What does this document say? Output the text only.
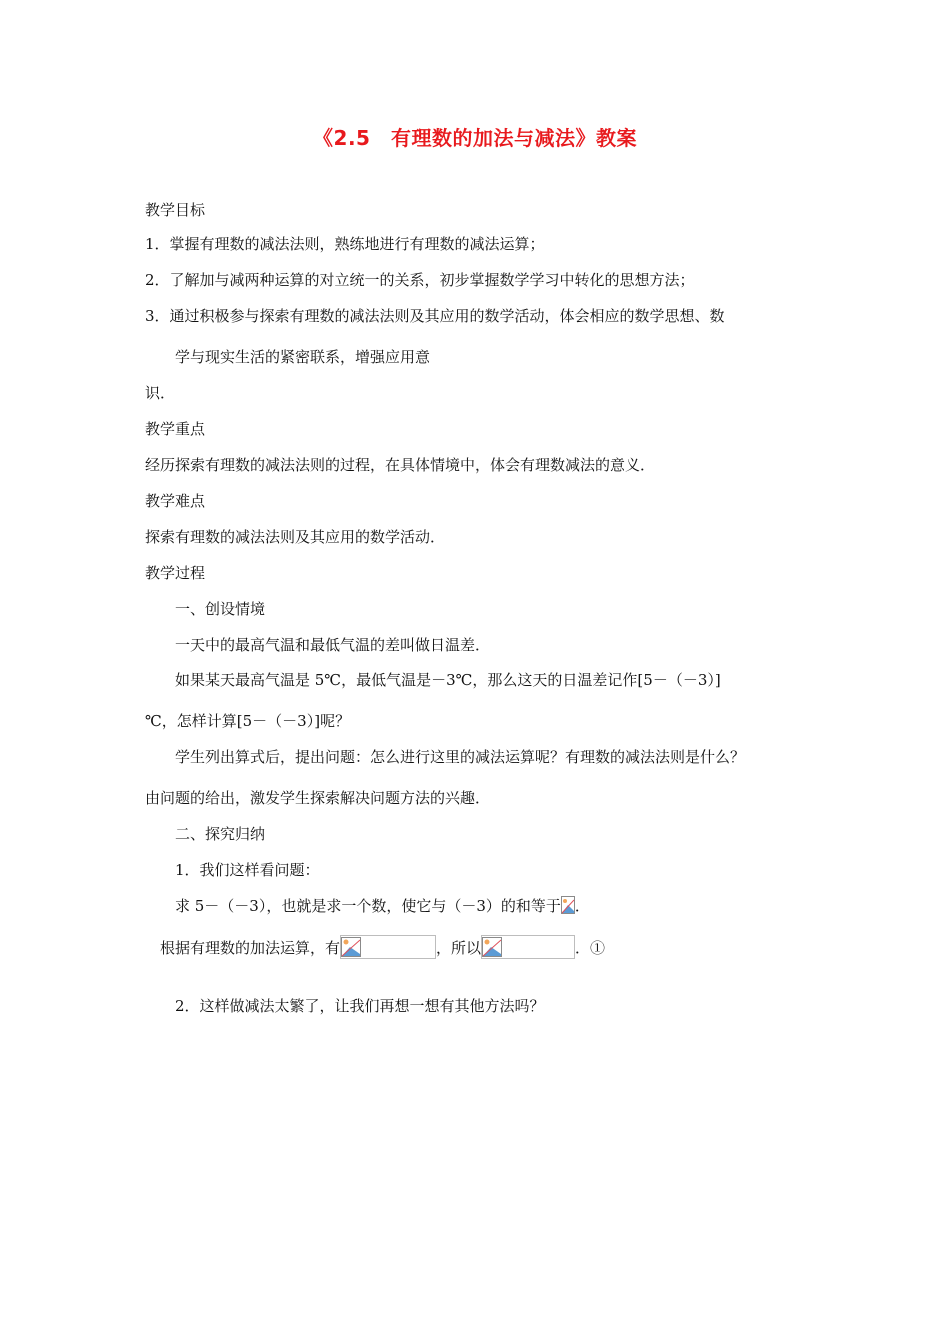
《2.5　有理数的加法与减法》教案
教学目标
1．掌握有理数的减法法则，熟练地进行有理数的减法运算；
2．了解加与减两种运算的对立统一的关系，初步掌握数学学习中转化的思想方法；
3．通过积极参与探索有理数的减法法则及其应用的数学活动，体会相应的数学思想、数
学与现实生活的紧密联系，增强应用意
识．
教学重点
经历探索有理数的减法法则的过程，在具体情境中，体会有理数减法的意义．
教学难点
探索有理数的减法法则及其应用的数学活动．
教学过程
一、创设情境
一天中的最高气温和最低气温的差叫做日温差．
如果某天最高气温是 5℃，最低气温是－3℃，那么这天的日温差记作[5－（－3）]
℃，怎样计算[5－（－3）]呢？
学生列出算式后，提出问题：怎么进行这里的减法运算呢？有理数的减法法则是什么？
由问题的给出，激发学生探索解决问题方法的兴趣．
二、探究归纳
1．我们这样看问题：
求 5－（－3），也就是求一个数，使它与（－3）的和等于 ．
根据有理数的加法运算，有	，所以	．①
2．这样做减法太繁了，让我们再想一想有其他方法吗？
